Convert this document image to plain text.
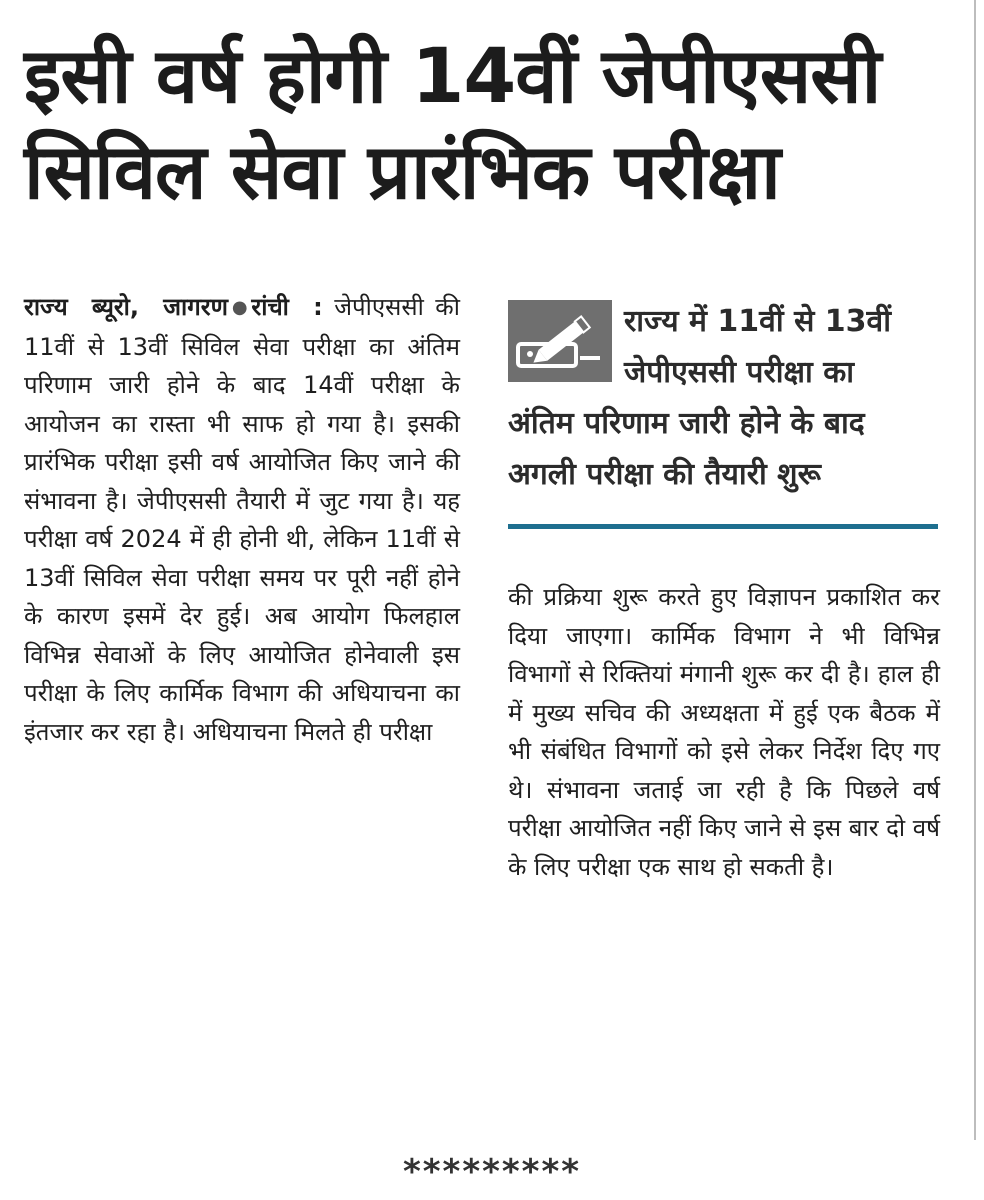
इसी वर्ष होगी 14वीं जेपीएससी
सिविल सेवा प्रारंभिक परीक्षा
राज्य ब्यूरो, जागरण●रांची : जेपीएससी की 11वीं से 13वीं सिविल सेवा परीक्षा का अंतिम परिणाम जारी होने के बाद 14वीं परीक्षा के आयोजन का रास्ता भी साफ हो गया है। इसकी प्रारंभिक परीक्षा इसी वर्ष आयोजित किए जाने की संभावना है। जेपीएससी तैयारी में जुट गया है। यह परीक्षा वर्ष 2024 में ही होनी थी, लेकिन 11वीं से 13वीं सिविल सेवा परीक्षा समय पर पूरी नहीं होने के कारण इसमें देर हुई। अब आयोग फिलहाल विभिन्न सेवाओं के लिए आयोजित होनेवाली इस परीक्षा के लिए कार्मिक विभाग की अधियाचना का इंतजार कर रहा है। अधियाचना मिलते ही परीक्षा
राज्य में 11वीं से 13वीं
जेपीएससी परीक्षा का
अंतिम परिणाम जारी होने के बाद
अगली परीक्षा की तैयारी शुरू
की प्रक्रिया शुरू करते हुए विज्ञापन प्रकाशित कर दिया जाएगा। कार्मिक विभाग ने भी विभिन्न विभागों से रिक्तियां मंगानी शुरू कर दी है। हाल ही में मुख्य सचिव की अध्यक्षता में हुई एक बैठक में भी संबंधित विभागों को इसे लेकर निर्देश दिए गए थे। संभावना जताई जा रही है कि पिछले वर्ष परीक्षा आयोजित नहीं किए जाने से इस बार दो वर्ष के लिए परीक्षा एक साथ हो सकती है।
*********
